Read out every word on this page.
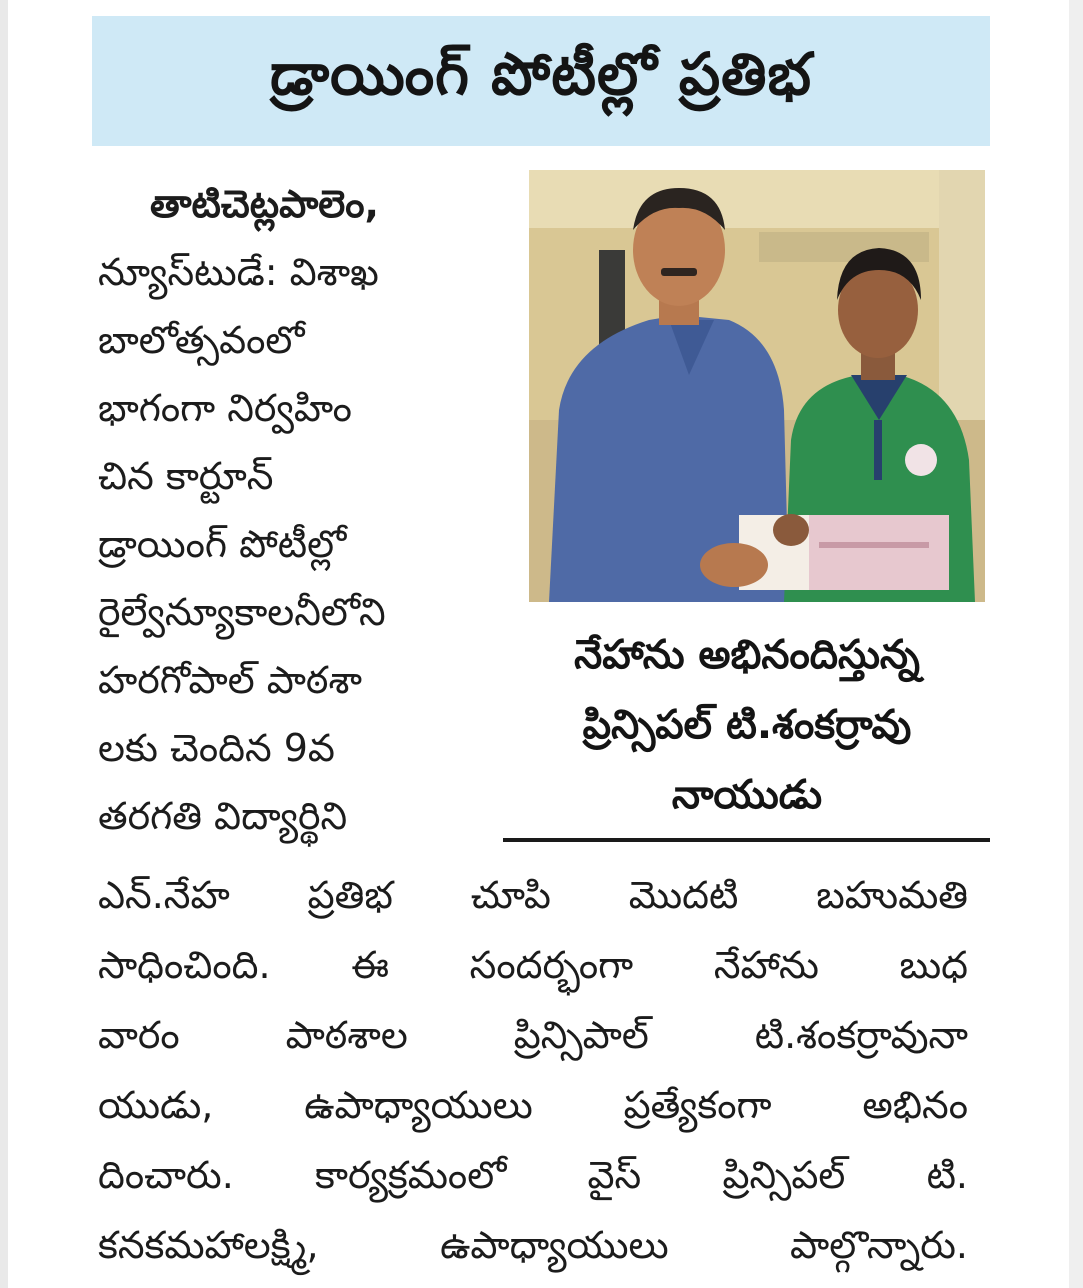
డ్రాయింగ్ పోటీల్లో ప్రతిభ
తాటిచెట్లపాలెం,
న్యూస్‌టుడే: విశాఖ
బాలోత్సవంలో
భాగంగా నిర్వహిం
చిన కార్టూన్
డ్రాయింగ్ పోటీల్లో
రైల్వేన్యూకాలనీలోని
హరగోపాల్ పాఠశా
లకు చెందిన 9వ
తరగతి విద్యార్థిని
నేహాను అభినందిస్తున్న
ప్రిన్సిపల్ టి.శంకర్రావు
నాయుడు
ఎన్.నేహ ప్రతిభ చూపి మొదటి బహుమతి
సాధించింది. ఈ సందర్భంగా నేహాను బుధ
వారం పాఠశాల ప్రిన్సిపాల్ టి.శంకర్రావునా
యుడు, ఉపాధ్యాయులు ప్రత్యేకంగా అభినం
దించారు. కార్యక్రమంలో వైస్ ప్రిన్సిపల్ టి.
కనకమహాలక్ష్మి, ఉపాధ్యాయులు పాల్గొన్నారు.
